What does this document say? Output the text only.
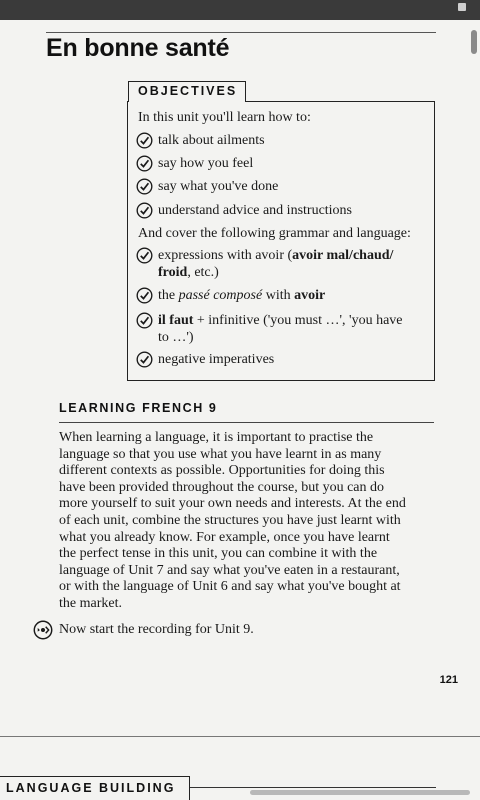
En bonne santé
OBJECTIVES
In this unit you'll learn how to:
talk about ailments
say how you feel
say what you've done
understand advice and instructions
And cover the following grammar and language:
expressions with avoir (avoir mal/chaud/
froid, etc.)
the passé composé with avoir
il faut + infinitive ('you must …', 'you have
to …')
negative imperatives
LEARNING FRENCH 9
When learning a language, it is important to practise the
language so that you use what you have learnt in as many
different contexts as possible. Opportunities for doing this
have been provided throughout the course, but you can do
more yourself to suit your own needs and interests. At the end
of each unit, combine the structures you have just learnt with
what you already know. For example, once you have learnt
the perfect tense in this unit, you can combine it with the
language of Unit 7 and say what you've eaten in a restaurant,
or with the language of Unit 6 and say what you've bought at
the market.
Now start the recording for Unit 9.
121
LANGUAGE BUILDING
